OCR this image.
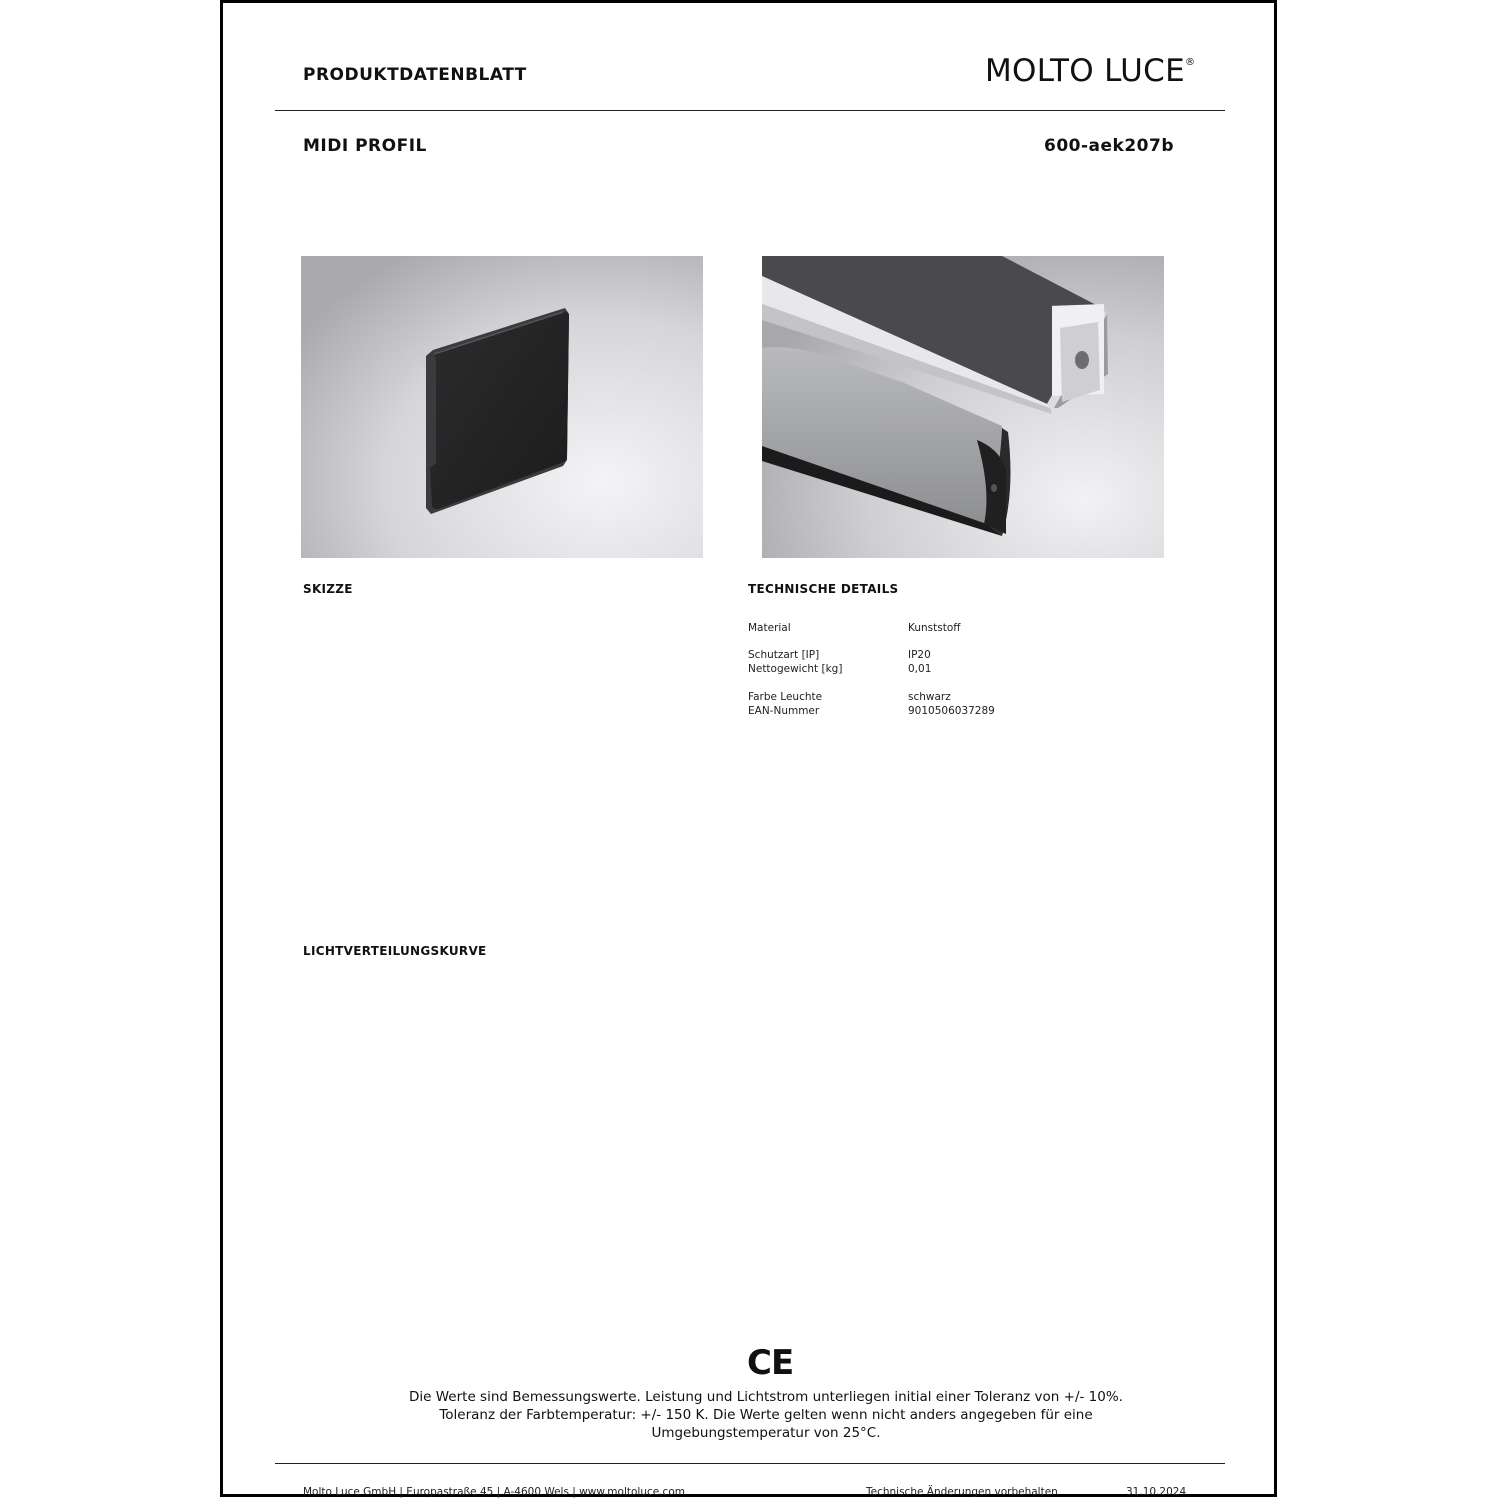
PRODUKTDATENBLATT	MOLTO LUCE®
MIDI PROFIL	600-aek207b
SKIZZE	TECHNISCHE DETAILS
Material	Kunststoff
Schutzart [IP]	IP20
Nettogewicht [kg]	0,01
Farbe Leuchte	schwarz
EAN-Nummer	9010506037289
LICHTVERTEILUNGSKURVE
CE
Die Werte sind Bemessungswerte. Leistung und Lichtstrom unterliegen initial einer Toleranz von +/- 10%.
Toleranz der Farbtemperatur: +/- 150 K. Die Werte gelten wenn nicht anders angegeben für eine
Umgebungstemperatur von 25°C.
Molto Luce GmbH | Europastraße 45 | A-4600 Wels | www.moltoluce.com	Technische Änderungen vorbehalten	31.10.2024
